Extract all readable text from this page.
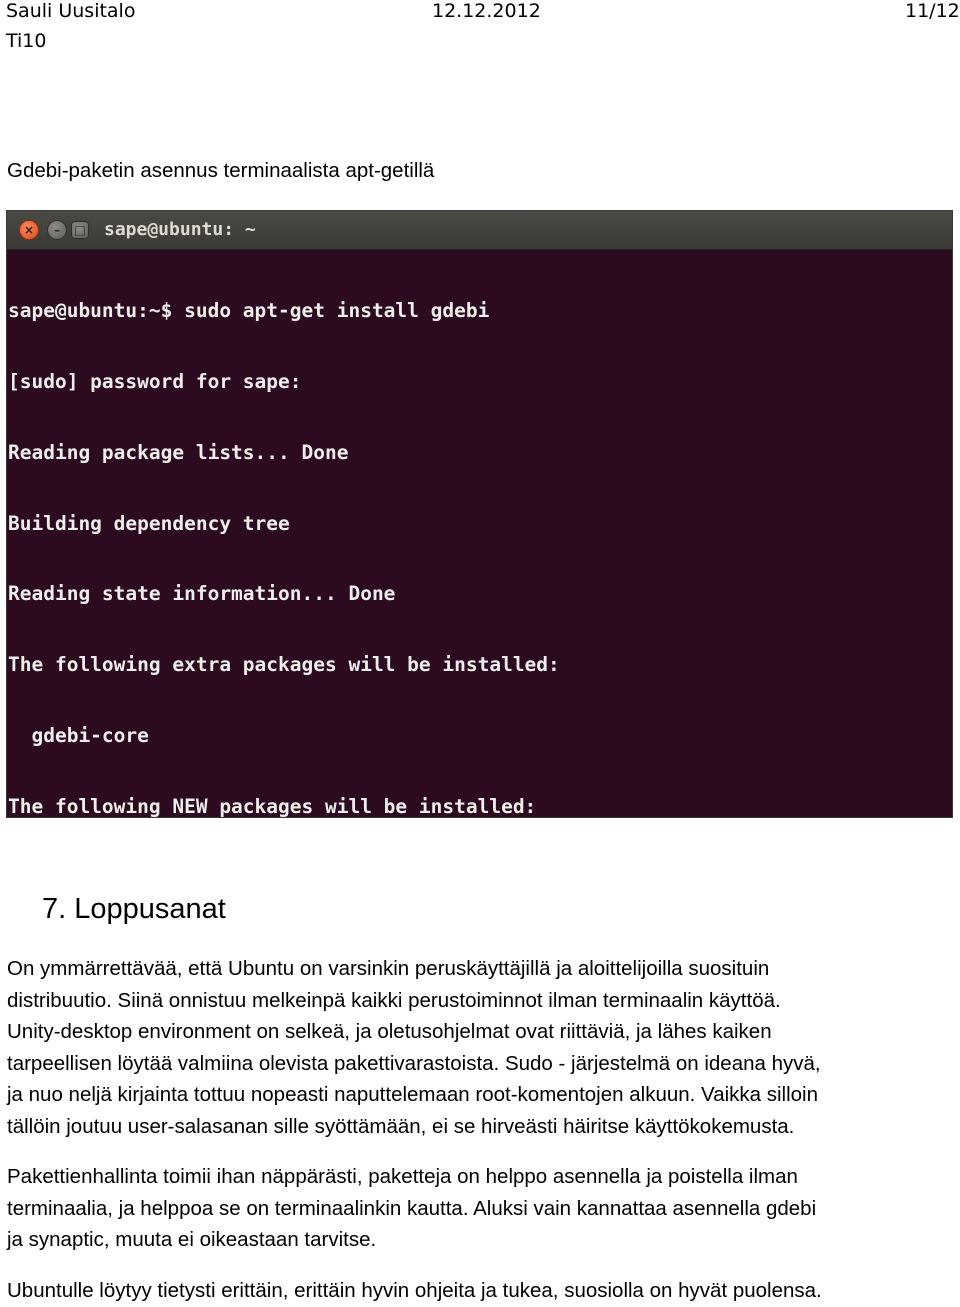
Sauli Uusitalo	12.12.2012	11/12
Ti10
Gdebi-paketin asennus terminaalista apt-getillä
×	–	□ sape@ubuntu: ~

sape@ubuntu:~$ sudo apt-get install gdebi

[sudo] password for sape:

Reading package lists... Done

Building dependency tree

Reading state information... Done

The following extra packages will be installed:

gdebi-core

The following NEW packages will be installed:

7. Loppusanat
On ymmärrettävää, että Ubuntu on varsinkin peruskäyttäjillä ja aloittelijoilla suosituin
distribuutio. Siinä onnistuu melkeinpä kaikki perustoiminnot ilman terminaalin käyttöä.
Unity-desktop environment on selkeä, ja oletusohjelmat ovat riittäviä, ja lähes kaiken
tarpeellisen löytää valmiina olevista pakettivarastoista. Sudo - järjestelmä on ideana hyvä,
ja nuo neljä kirjainta tottuu nopeasti naputtelemaan root-komentojen alkuun. Vaikka silloin
tällöin joutuu user-salasanan sille syöttämään, ei se hirveästi häiritse käyttökokemusta.
Pakettienhallinta toimii ihan näppärästi, paketteja on helppo asennella ja poistella ilman
terminaalia, ja helppoa se on terminaalinkin kautta. Aluksi vain kannattaa asennella gdebi
ja synaptic, muuta ei oikeastaan tarvitse.
Ubuntulle löytyy tietysti erittäin, erittäin hyvin ohjeita ja tukea, suosiolla on hyvät puolensa.
